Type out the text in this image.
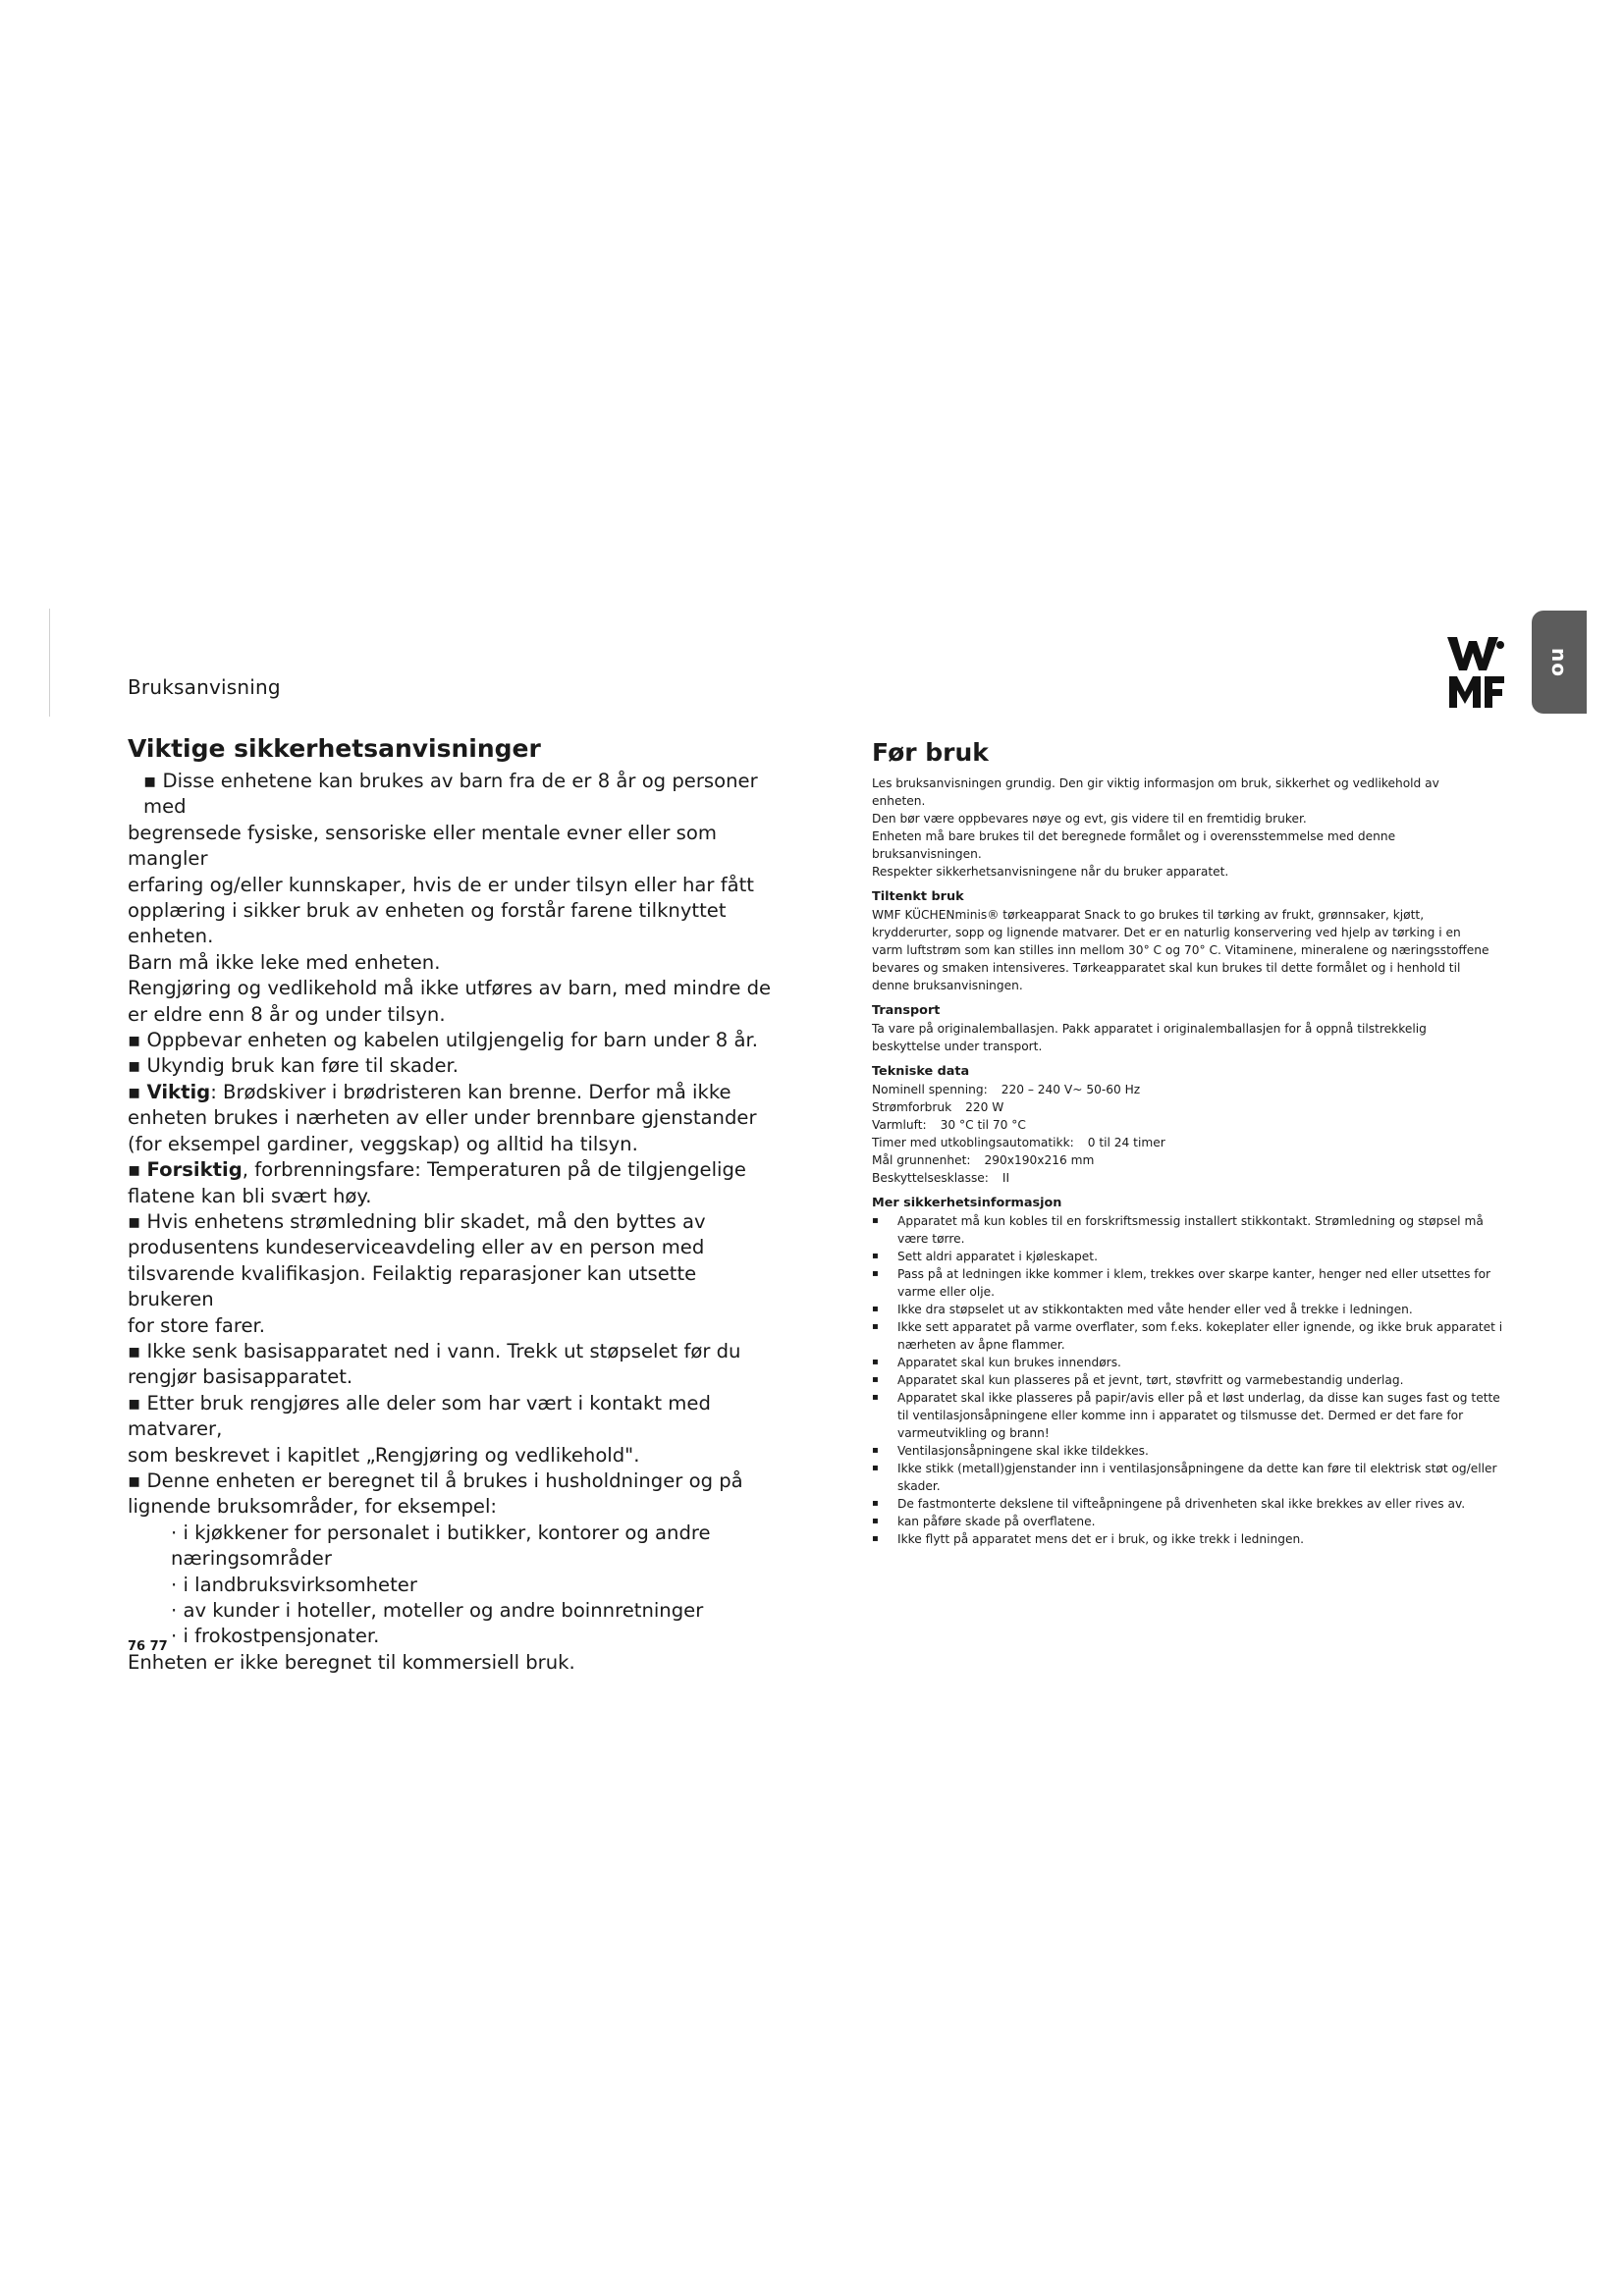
Bruksanvisning
no
Viktige sikkerhetsanvisninger

▪ Disse enhetene kan brukes av barn fra de er 8 år og personer med

begrensede fysiske, sensoriske eller mentale evner eller som mangler

erfaring og/eller kunnskaper, hvis de er under tilsyn eller har fått

opplæring i sikker bruk av enheten og forstår farene tilknyttet

enheten.

Barn må ikke leke med enheten.

Rengjøring og vedlikehold må ikke utføres av barn, med mindre de

er eldre enn 8 år og under tilsyn.

▪ Oppbevar enheten og kabelen utilgjengelig for barn under 8 år.

▪ Ukyndig bruk kan føre til skader.

▪ Viktig: Brødskiver i brødristeren kan brenne. Derfor må ikke

enheten brukes i nærheten av eller under brennbare gjenstander

(for eksempel gardiner, veggskap) og alltid ha tilsyn.

▪ Forsiktig, forbrenningsfare: Temperaturen på de tilgjengelige

flatene kan bli svært høy.

▪ Hvis enhetens strømledning blir skadet, må den byttes av

produsentens kundeserviceavdeling eller av en person med

tilsvarende kvalifikasjon. Feilaktig reparasjoner kan utsette brukeren

for store farer.

▪ Ikke senk basisapparatet ned i vann. Trekk ut støpselet før du

rengjør basisapparatet.

▪ Etter bruk rengjøres alle deler som har vært i kontakt med matvarer,

som beskrevet i kapitlet „Rengjøring og vedlikehold".

▪ Denne enheten er beregnet til å brukes i husholdninger og på

lignende bruksområder, for eksempel:

· i kjøkkener for personalet i butikker, kontorer og andre

næringsområder

· i landbruksvirksomheter

· av kunder i hoteller, moteller og andre boinnretninger

· i frokostpensjonater.

Enheten er ikke beregnet til kommersiell bruk.

Før bruk

Les bruksanvisningen grundig. Den gir viktig informasjon om bruk, sikkerhet og vedlikehold av

enheten.

Den bør være oppbevares nøye og evt, gis videre til en fremtidig bruker.

Enheten må bare brukes til det beregnede formålet og i overensstemmelse med denne

bruksanvisningen.

Respekter sikkerhetsanvisningene når du bruker apparatet.

Tiltenkt bruk

WMF KÜCHENminis® tørkeapparat Snack to go brukes til tørking av frukt, grønnsaker, kjøtt,

krydderurter, sopp og lignende matvarer. Det er en naturlig konservering ved hjelp av tørking i en

varm luftstrøm som kan stilles inn mellom 30° C og 70° C. Vitaminene, mineralene og næringsstoffene

bevares og smaken intensiveres. Tørkeapparatet skal kun brukes til dette formålet og i henhold til

denne bruksanvisningen.

Transport

Ta vare på originalemballasjen. Pakk apparatet i originalemballasjen for å oppnå tilstrekkelig

beskyttelse under transport.

Tekniske data

Nominell spenning: 220 – 240 V~ 50-60 Hz

Strømforbruk 220 W

Varmluft: 30 °C til 70 °C

Timer med utkoblingsautomatikk: 0 til 24 timer

Mål grunnenhet: 290x190x216 mm

Beskyttelsesklasse: II

Mer sikkerhetsinformasjon

▪ Apparatet må kun kobles til en forskriftsmessig installert stikkontakt. Strømledning og støpsel må være tørre.

▪ Sett aldri apparatet i kjøleskapet.

▪ Pass på at ledningen ikke kommer i klem, trekkes over skarpe kanter, henger ned eller utsettes for varme eller olje.

▪ Ikke dra støpselet ut av stikkontakten med våte hender eller ved å trekke i ledningen.

▪ Ikke sett apparatet på varme overflater, som f.eks. kokeplater eller ignende, og ikke bruk apparatet i nærheten av åpne flammer.

▪ Apparatet skal kun brukes innendørs.

▪ Apparatet skal kun plasseres på et jevnt, tørt, støvfritt og varmebestandig underlag.

▪ Apparatet skal ikke plasseres på papir/avis eller på et løst underlag, da disse kan suges fast og tette til ventilasjonsåpningene eller komme inn i apparatet og tilsmusse det. Dermed er det fare for varmeutvikling og brann!

▪ Ventilasjonsåpningene skal ikke tildekkes.

▪ Ikke stikk (metall)gjenstander inn i ventilasjonsåpningene da dette kan føre til elektrisk støt og/eller skader.

▪ De fastmonterte dekslene til vifteåpningene på drivenheten skal ikke brekkes av eller rives av.

▪ kan påføre skade på overflatene.

▪ Ikke flytt på apparatet mens det er i bruk, og ikke trekk i ledningen.

76 77
